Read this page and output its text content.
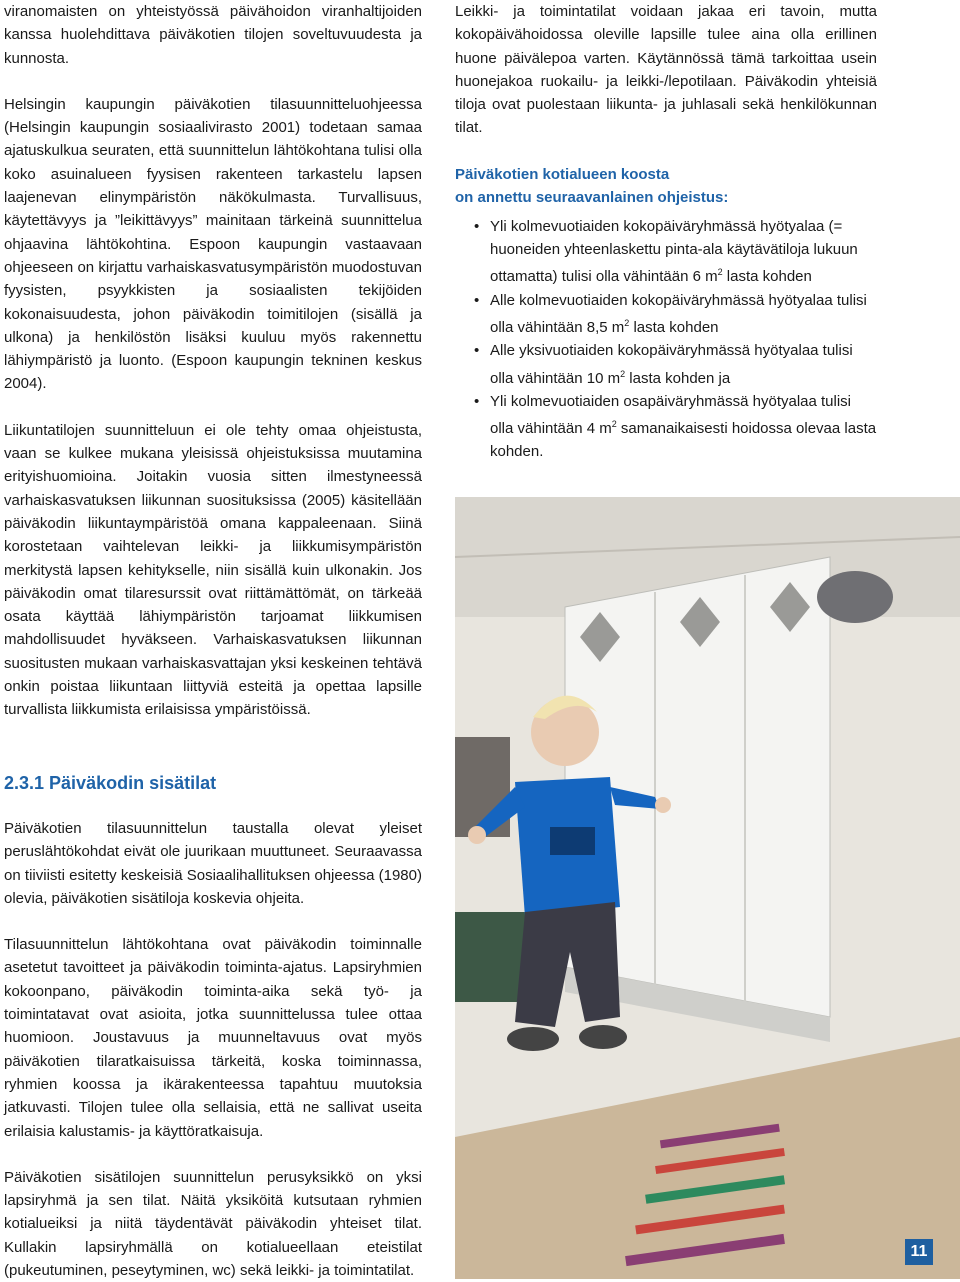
viranomaisten on yhteistyössä päivähoidon viranhaltijoiden kanssa huolehdittava päiväkotien tilojen soveltuvuudesta ja kunnosta.

Helsingin kaupungin päiväkotien tilasuunnitteluohjeessa (Helsingin kaupungin sosiaalivirasto 2001) todetaan samaa ajatuskulkua seuraten, että suunnittelun lähtökohtana tulisi olla koko asuinalueen fyysisen rakenteen tarkastelu lapsen laajenevan elinympäristön näkökulmasta. Turvallisuus, käytettävyys ja ”leikittävyys” mainitaan tärkeinä suunnittelua ohjaavina lähtökohtina. Espoon kaupungin vastaavaan ohjeeseen on kirjattu varhaiskasvatusympäristön muodostuvan fyysisten, psyykkisten ja sosiaalisten tekijöiden kokonaisuudesta, johon päiväkodin toimitilojen (sisällä ja ulkona) ja henkilöstön lisäksi kuuluu myös rakennettu lähiympäristö ja luonto. (Espoon kaupungin tekninen keskus 2004).

Liikuntatilojen suunnitteluun ei ole tehty omaa ohjeistusta, vaan se kulkee mukana yleisissä ohjeistuksissa muutamina erityishuomioina. Joitakin vuosia sitten ilmestyneessä varhaiskasvatuksen liikunnan suosituksissa (2005) käsitellään päiväkodin liikuntaympäristöä omana kappaleenaan. Siinä korostetaan vaihtelevan leikki- ja liikkumisympäristön merkitystä lapsen kehitykselle, niin sisällä kuin ulkonakin. Jos päiväkodin omat tilaresurssit ovat riittämättömät, on tärkeää osata käyttää lähiympäristön tarjoamat liikkumisen mahdollisuudet hyväkseen. Varhaiskasvatuksen liikunnan suositusten mukaan varhaiskasvattajan yksi keskeinen tehtävä onkin poistaa liikuntaan liittyviä esteitä ja opettaa lapsille turvallista liikkumista erilaisissa ympäristöissä.

2.3.1 Päiväkodin sisätilat

Päiväkotien tilasuunnittelun taustalla olevat yleiset peruslähtökohdat eivät ole juurikaan muuttuneet. Seuraavassa on tiiviisti esitetty keskeisiä Sosiaalihallituksen ohjeessa (1980) olevia, päiväkotien sisätiloja koskevia ohjeita.

Tilasuunnittelun lähtökohtana ovat päiväkodin toiminnalle asetetut tavoitteet ja päiväkodin toiminta-ajatus. Lapsiryhmien kokoonpano, päiväkodin toiminta-aika sekä työ- ja toimintatavat ovat asioita, jotka suunnittelussa tulee ottaa huomioon. Joustavuus ja muunneltavuus ovat myös päiväkotien tilaratkaisuissa tärkeitä, koska toiminnassa, ryhmien koossa ja ikärakenteessa tapahtuu muutoksia jatkuvasti. Tilojen tulee olla sellaisia, että ne sallivat useita erilaisia kalustamis- ja käyttöratkaisuja.

Päiväkotien sisätilojen suunnittelun perusyksikkö on yksi lapsiryhmä ja sen tilat. Näitä yksiköitä kutsutaan ryhmien kotialueiksi ja niitä täydentävät päiväkodin yhteiset tilat. Kullakin lapsiryhmällä on kotialueellaan eteistilat (pukeutuminen, peseytyminen, wc) sekä leikki- ja toimintatilat.

Leikki- ja toimintatilat voidaan jakaa eri tavoin, mutta kokopäivähoidossa oleville lapsille tulee aina olla erillinen huone päivälepoa varten. Käytännössä tämä tarkoittaa usein huonejakoa ruokailu- ja leikki-/lepotilaan. Päiväkodin yhteisiä tiloja ovat puolestaan liikunta- ja juhlasali sekä henkilökunnan tilat.

Päiväkotien kotialueen koosta

on annettu seuraavanlainen ohjeistus:

• Yli kolmevuotiaiden kokopäiväryhmässä hyötyalaa (= huoneiden yhteenlaskettu pinta-ala käytävätiloja lukuun ottamatta) tulisi olla vähintään 6 $m^2$ lasta kohden
• Alle kolmevuotiaiden kokopäiväryhmässä hyötyalaa tulisi olla vähintään 8,5 $m^2$ lasta kohden
• Alle yksivuotiaiden kokopäiväryhmässä hyötyalaa tulisi olla vähintään 10 $m^2$ lasta kohden ja
• Yli kolmevuotiaiden osapäiväryhmässä hyötyalaa tulisi olla vähintään 4 $m^2$ samanaikaisesti hoidossa olevaa lasta kohden.
11
